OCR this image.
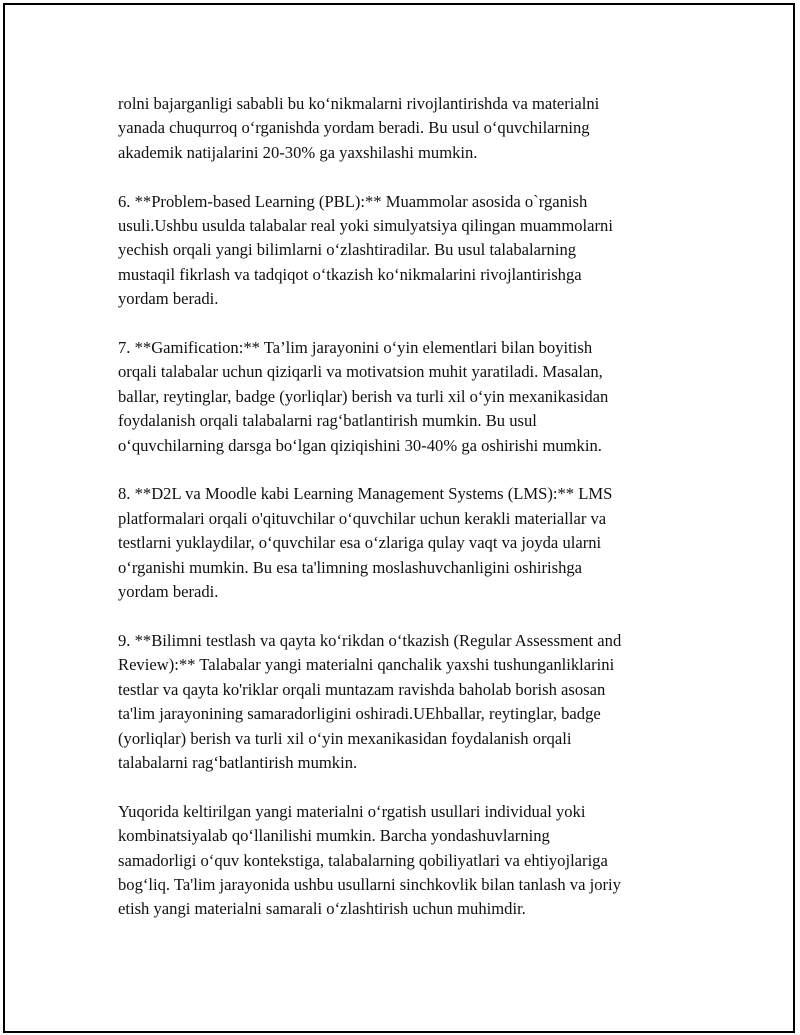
rolni bajarganligi sababli bu ko‘nikmalarni rivojlantirishda va materialni
yanada chuqurroq o‘rganishda yordam beradi. Bu usul o‘quvchilarning
akademik natijalarini 20-30% ga yaxshilashi mumkin.

6. **Problem-based Learning (PBL):** Muammolar asosida o`rganish
usuli.Ushbu usulda talabalar real yoki simulyatsiya qilingan muammolarni
yechish orqali yangi bilimlarni o‘zlashtiradilar. Bu usul talabalarning
mustaqil fikrlash va tadqiqot o‘tkazish ko‘nikmalarini rivojlantirishga
yordam beradi.

7. **Gamification:** Ta’lim jarayonini o‘yin elementlari bilan boyitish
orqali talabalar uchun qiziqarli va motivatsion muhit yaratiladi. Masalan,
ballar, reytinglar, badge (yorliqlar) berish va turli xil o‘yin mexanikasidan
foydalanish orqali talabalarni rag‘batlantirish mumkin. Bu usul
o‘quvchilarning darsga bo‘lgan qiziqishini 30-40% ga oshirishi mumkin.

8. **D2L va Moodle kabi Learning Management Systems (LMS):** LMS
platformalari orqali o'qituvchilar o‘quvchilar uchun kerakli materiallar va
testlarni yuklaydilar, o‘quvchilar esa o‘zlariga qulay vaqt va joyda ularni
o‘rganishi mumkin. Bu esa ta'limning moslashuvchanligini oshirishga
yordam beradi.

9. **Bilimni testlash va qayta ko‘rikdan o‘tkazish (Regular Assessment and
Review):** Talabalar yangi materialni qanchalik yaxshi tushunganliklarini
testlar va qayta ko'riklar orqali muntazam ravishda baholab borish asosan
ta'lim jarayonining samaradorligini oshiradi.UEhballar, reytinglar, badge
(yorliqlar) berish va turli xil o‘yin mexanikasidan foydalanish orqali
talabalarni rag‘batlantirish mumkin.

Yuqorida keltirilgan yangi materialni o‘rgatish usullari individual yoki
kombinatsiyalab qo‘llanilishi mumkin. Barcha yondashuvlarning
samadorligi o‘quv kontekstiga, talabalarning qobiliyatlari va ehtiyojlariga
bog‘liq. Ta'lim jarayonida ushbu usullarni sinchkovlik bilan tanlash va joriy
etish yangi materialni samarali o‘zlashtirish uchun muhimdir.
